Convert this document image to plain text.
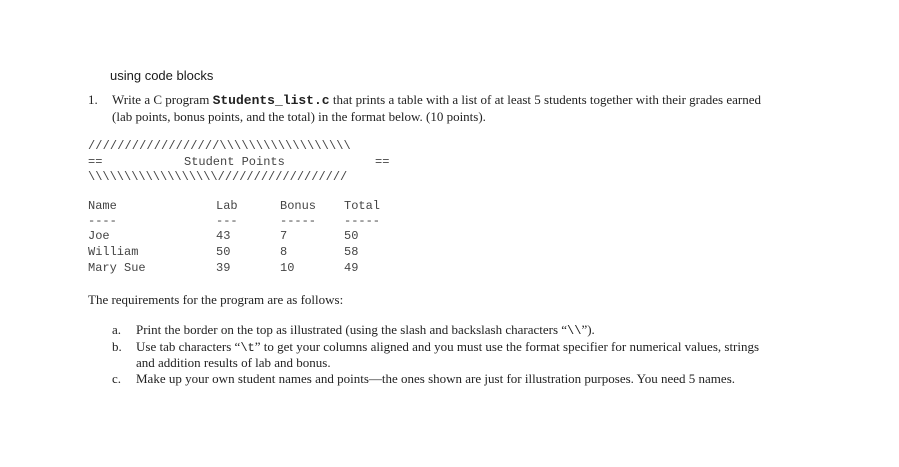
using code blocks
1. Write a C program Students_list.c that prints a table with a list of at least 5 students together with their grades earned
(lab points, bonus points, and the total) in the format below. (10 points).
//////////////////\\\\\\\\\\\\\\\\\\
==	Student Points	==
\\\\\\\\\\\\\\\\\\//////////////////
Name	Lab	Bonus Total
----	---	----- -----
Joe	43	7	50
William	50	8	58
Mary Sue	39	10	49
The requirements for the program are as follows:
a. Print the border on the top as illustrated (using the slash and backslash characters “\\”).
b. Use tab characters “\t” to get your columns aligned and you must use the format specifier for numerical values, strings
and addition results of lab and bonus.
c. Make up your own student names and points—the ones shown are just for illustration purposes. You need 5 names.
